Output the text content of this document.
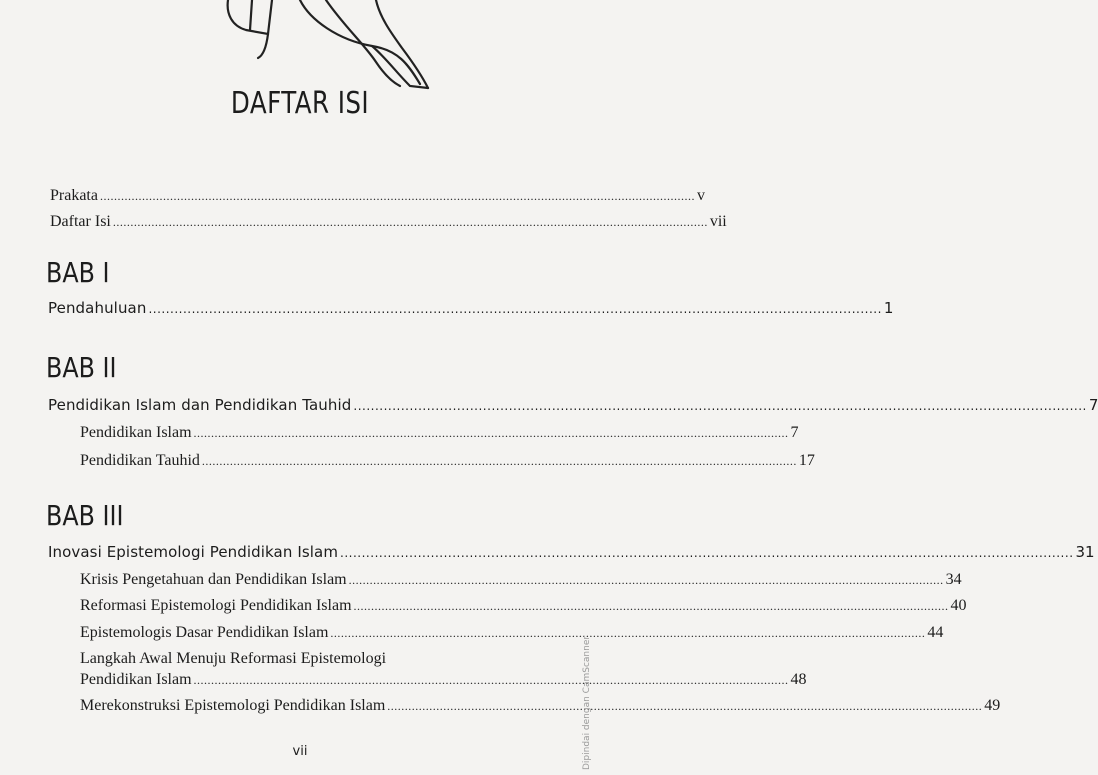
DAFTAR ISI
Prakata .......................................................................................................................................................................... v
Daftar Isi .......................................................................................................................................................................... vii
BAB I
Pendahuluan .......................................................................................................................................................................... 1
BAB II
Pendidikan Islam dan Pendidikan Tauhid .......................................................................................................................................................................... 7
Pendidikan Islam .......................................................................................................................................................................... 7
Pendidikan Tauhid .......................................................................................................................................................................... 17
BAB III
Inovasi Epistemologi Pendidikan Islam .......................................................................................................................................................................... 31
Krisis Pengetahuan dan Pendidikan Islam .......................................................................................................................................................................... 34
Reformasi Epistemologi Pendidikan Islam .......................................................................................................................................................................... 40
Epistemologis Dasar Pendidikan Islam .......................................................................................................................................................................... 44
Langkah Awal Menuju Reformasi Epistemologi
Pendidikan Islam .......................................................................................................................................................................... 48
Merekonstruksi Epistemologi Pendidikan Islam .......................................................................................................................................................................... 49
vii	Dipindai dengan CamScanner
